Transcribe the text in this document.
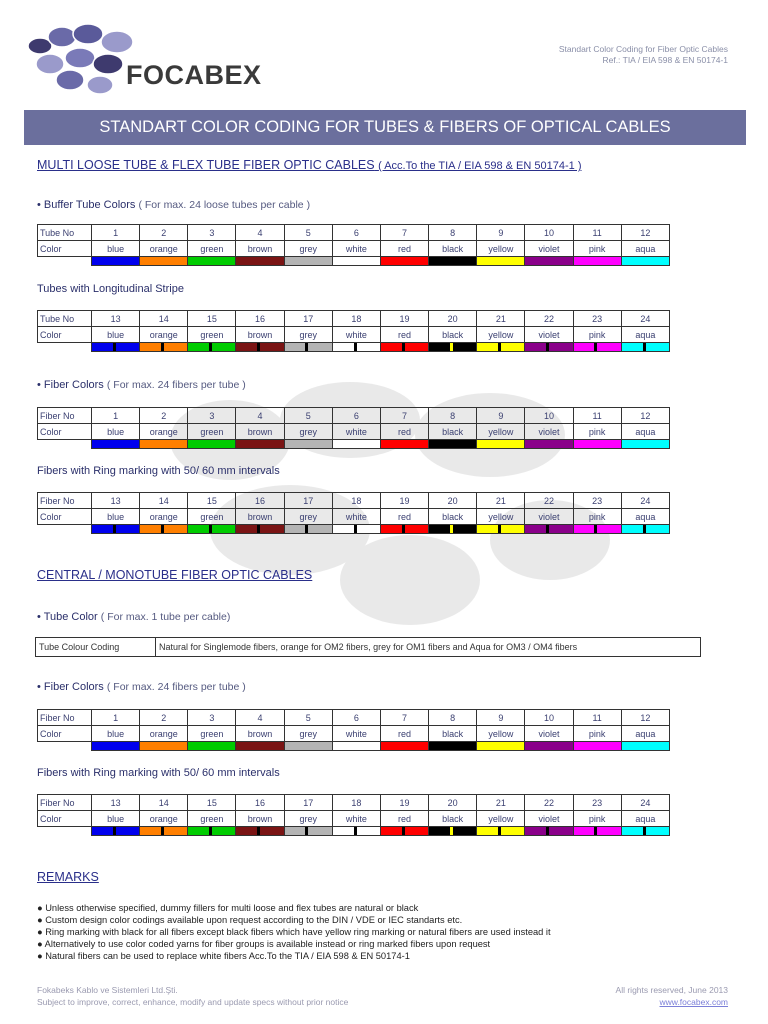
FOCABEX
Standart Color Coding for Fiber Optic Cables
Ref.: TIA / EIA 598 & EN 50174-1
STANDART COLOR CODING FOR TUBES & FIBERS OF OPTICAL CABLES
MULTI LOOSE TUBE & FLEX TUBE FIBER OPTIC CABLES ( Acc.To the TIA / EIA 598 & EN 50174-1 )
• Buffer Tube Colors ( For max. 24 loose tubes per cable )
Tube No	1	2	3	4	5	6	7	8	9	10	11	12
Color	blue	orange	green	brown	grey	white	red	black	yellow	violet	pink	aqua

Tubes with Longitudinal Stripe
Tube No	13	14	15	16	17	18	19	20	21	22	23	24
Color	blue	orange	green	brown	grey	white	red	black	yellow	violet	pink	aqua

• Fiber Colors ( For max. 24 fibers per tube )
Fiber No	1	2	3	4	5	6	7	8	9	10	11	12
Color	blue	orange	green	brown	grey	white	red	black	yellow	violet	pink	aqua

Fibers with Ring marking with 50/ 60 mm intervals
Fiber No	13	14	15	16	17	18	19	20	21	22	23	24
Color	blue	orange	green	brown	grey	white	red	black	yellow	violet	pink	aqua

CENTRAL / MONOTUBE FIBER OPTIC CABLES
• Tube Color ( For max. 1 tube per cable)
Tube Colour Coding	Natural for Singlemode fibers, orange for OM2 fibers, grey for OM1 fibers and Aqua for OM3 / OM4 fibers
• Fiber Colors ( For max. 24 fibers per tube )
Fiber No	1	2	3	4	5	6	7	8	9	10	11	12
Color	blue	orange	green	brown	grey	white	red	black	yellow	violet	pink	aqua

Fibers with Ring marking with 50/ 60 mm intervals
Fiber No	13	14	15	16	17	18	19	20	21	22	23	24
Color	blue	orange	green	brown	grey	white	red	black	yellow	violet	pink	aqua

REMARKS
● Unless otherwise specified, dummy fillers for multi loose and flex tubes are natural or black
● Custom design color codings available upon request according to the DIN / VDE or IEC standarts etc.
● Ring marking with black for all fibers except black fibers which have yellow ring marking or natural fibers are used instead it
● Alternatively to use color coded yarns for fiber groups is available instead or ring marked fibers upon request
● Natural fibers can be used to replace white fibers Acc.To the TIA / EIA 598 & EN 50174-1
Fokabeks Kablo ve Sistemleri Ltd.Şti.
Subject to improve, correct, enhance, modify and update specs without prior notice
All rights reserved, June 2013
www.focabex.com
